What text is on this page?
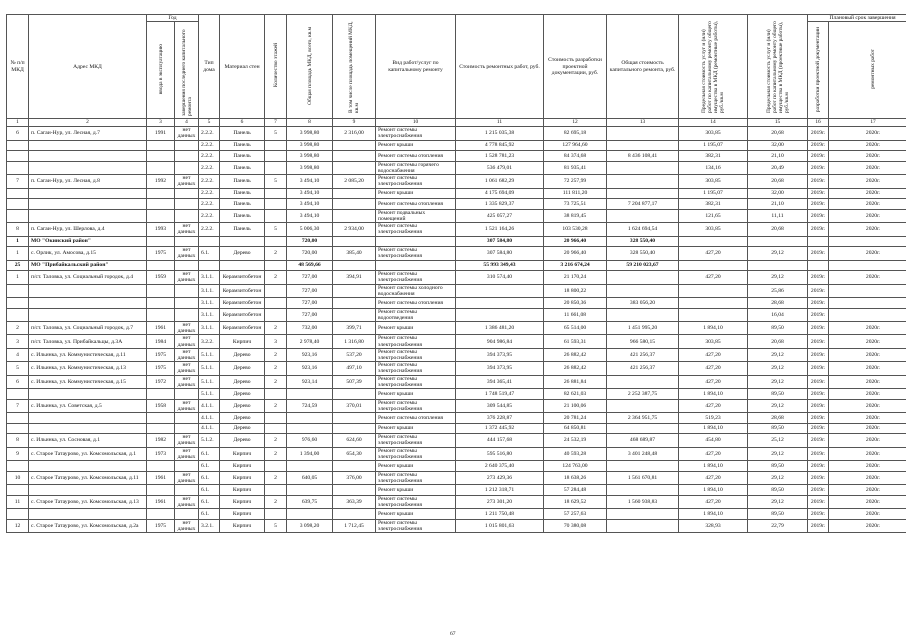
№ п/п МКД	Адрес МКД	Год		Тип дома	Материал стен	Количество этажей	Общая площадь МКД, всего, кв.м	В том числе площадь помещений МКД, кв.м	Вид работ/услуг по капитальному ремонту	Стоимость ремонтных работ, руб.	Стоимость разработки проектной документации, руб.	Общая стоимость капитального ремонта, руб.	Предельная стоимость услуг и (или) работ по капитальному ремонту общего имущества в МКД (ремонтные работы), руб./кв.м	Предельная стоимость услуг и (или) работ по капитальному ремонту общего имущества в МКД (проектные работы), руб./кв.м	Плановый срок завершения	
		ввода в эксплуатацию	завершения последнего капитального ремонта												разработки проектной документации	ремонтных работ
1	2	3	4	5	6	7	8	9	10	11	12	13	14	15	16	17
6	п. Сагаи-Нур, ул. Лесная, д.7	1991	нет данных	2.2.2.	Панель	5	3 998,80	2 316,00	Ремонт системы электроснабжения	1 215 035,38	82 695,18		303,85	20,68	2019г.	2020г.
				2.2.2.	Панель		3 998,80		Ремонт крыши	4 778 845,92	127 964,60		1 195,07	32,00	2019г.	2020г.
				2.2.2.	Панель		3 998,80		Ремонт системы отопления	1 528 781,23	84 374,68	8 436 108,41	382,31	21,10	2019г.	2020г.
				2.2.2.	Панель		3 998,80		Ремонт системы горячего водоснабжения	536 479,01	81 935,41		134,16	20,49	2019г.	2020г.
7	п. Сагаи-Нур, ул. Лесная, д.8	1992	нет данных	2.2.2.	Панель	5	3 494,10	2 085,20	Ремонт системы электроснабжения	1 061 682,29	72 257,99		303,85	20,68	2019г.	2020г.
				2.2.2.	Панель		3 494,10		Ремонт крыши	4 175 694,09	111 811,20		1 195,07	32,00	2019г.	2020г.
				2.2.2.	Панель		3 494,10		Ремонт системы отопления	1 335 829,37	73 725,51	7 204 877,17	382,31	21,10	2019г.	2020г.
				2.2.2.	Панель		3 494,10		Ремонт подвальных помещений	425 057,27	38 819,45		121,65	11,11	2019г.	2020г.
8	п. Сагаи-Нур, ул. Шерлова, д.4	1993	нет данных	2.2.2.	Панель	5	5 006,30	2 934,00	Ремонт системы электроснабжения	1 521 164,26	103 530,28	1 624 694,54	303,85	20,68	2019г.	2020г.
1	МО "Окинский район"						720,00			307 584,80	20 966,40	328 550,40				
1	с. Орлик, ул. Амосова, д.15	1975	нет данных	6.1.	Дерево	2	720,00	385,40	Ремонт системы электроснабжения	307 584,80	20 966,40	328 550,40	427,20	29,12	2019г.	2020г.
25	МО "Прибайкальский район"						48 569,66			55 993 349,43	3 216 674,24	59 210 023,67				
1	п/ст. Таловка, ул. Социальный городок, д.4	1959	нет данных	3.1.1.	Керамзитобетон	2	727,00	394,91	Ремонт системы электроснабжения	310 574,40	21 170,24		427,20	29,12	2019г.	2020г.
				3.1.1.	Керамзитобетон		727,00		Ремонт системы холодного водоснабжения		18 800,22			25,86	2019г.	
				3.1.1.	Керамзитобетон		727,00		Ремонт системы отопления		20 850,36	383 056,20		28,68	2019г.	
				3.1.1.	Керамзитобетон		727,00		Ремонт системы водоотведения		11 661,08			16,04	2019г.	
2	п/ст. Таловка, ул. Социальный городок, д.7	1961	нет данных	3.1.1.	Керамзитобетон	2	732,00	399,71	Ремонт крыши	1 386 481,20	65 514,00	1 451 995,20	1 894,10	89,50	2019г.	2020г.
3	п/ст. Таловка, ул. Прибайкальцы, д.3А	1984	нет данных	3.2.2.	Кирпич	3	2 978,40	1 316,80	Ремонт системы электроснабжения	904 986,84	61 593,31	966 580,15	303,85	20,68	2019г.	2020г.
4	с. Ильинка, ул. Коммунистическая, д.11	1975	нет данных	5.1.1.	Дерево	2	923,16	537,20	Ремонт системы электроснабжения	394 373,95	26 882,42	421 256,37	427,20	29,12	2019г.	2020г.
5	с. Ильинка, ул. Коммунистическая, д.13	1975	нет данных	5.1.1.	Дерево	2	923,16	497,10	Ремонт системы электроснабжения	394 373,95	26 882,42	421 256,37	427,20	29,12	2019г.	2020г.
6	с. Ильинка, ул. Коммунистическая, д.15	1972	нет данных	5.1.1.	Дерево	2	923,14	507,39	Ремонт системы электроснабжения	394 365,41	26 881,84		427,20	29,12	2019г.	2020г.
				5.1.1.	Дерево				Ремонт крыши	1 748 519,47	82 621,03	2 252 387,75	1 894,10	89,50	2019г.	2020г.
7	с. Ильинка, ул. Советская, д.5	1958	нет данных	4.1.1.	Дерево	2	724,59	370,01	Ремонт системы электроснабжения	309 544,85	21 100,06		427,20	29,12	2019г.	2020г.
				4.1.1.	Дерево				Ремонт системы отопления	376 228,87	20 781,24	2 364 951,75	519,23	28,68	2019г.	2020г.
				4.1.1.	Дерево				Ремонт крыши	1 372 445,92	64 850,81		1 894,10	89,50	2019г.	2020г.
8	с. Ильинка, ул. Сосновая, д.1	1982	нет данных	5.1.2.	Дерево	2	976,60	624,60	Ремонт системы электроснабжения	444 157,68	24 532,19	468 689,87	454,80	25,12	2019г.	2020г.
9	с. Старое Татаурово, ул. Комсомольская, д.1	1973	нет данных	6.1.	Кирпич	2	1 394,00	654,30	Ремонт системы электроснабжения	595 516,80	40 593,28	3 401 248,48	427,20	29,12	2019г.	2020г.
				6.1.	Кирпич				Ремонт крыши	2 640 375,40	124 763,00		1 894,10	89,50	2019г.	2020г.
10	с. Старое Татаурово, ул. Комсомольская, д.11	1961	нет данных	6.1.	Кирпич	2	640,05	376,00	Ремонт системы электроснабжения	273 429,36	18 638,26	1 561 670,81	427,20	29,12	2019г.	2020г.
				6.1.	Кирпич				Ремонт крыши	1 212 318,71	57 284,48		1 894,10	89,50	2019г.	2020г.
11	с. Старое Татаурово, ул. Комсомольская, д.13	1961	нет данных	6.1.	Кирпич	2	639,75	363,39	Ремонт системы электроснабжения	273 301,20	18 629,52	1 560 938,83	427,20	29,12	2019г.	2020г.
				6.1.	Кирпич				Ремонт крыши	1 211 750,48	57 257,63		1 894,10	89,50	2019г.	2020г.
12	с. Старое Татаурово, ул. Комсомольская, д.2а	1975	нет данных	3.2.1.	Кирпич	5	3 098,20	1 712,45	Ремонт системы электроснабжения	1 015 801,63	70 380,08		328,93	22,79	2019г.	2020г.
67
